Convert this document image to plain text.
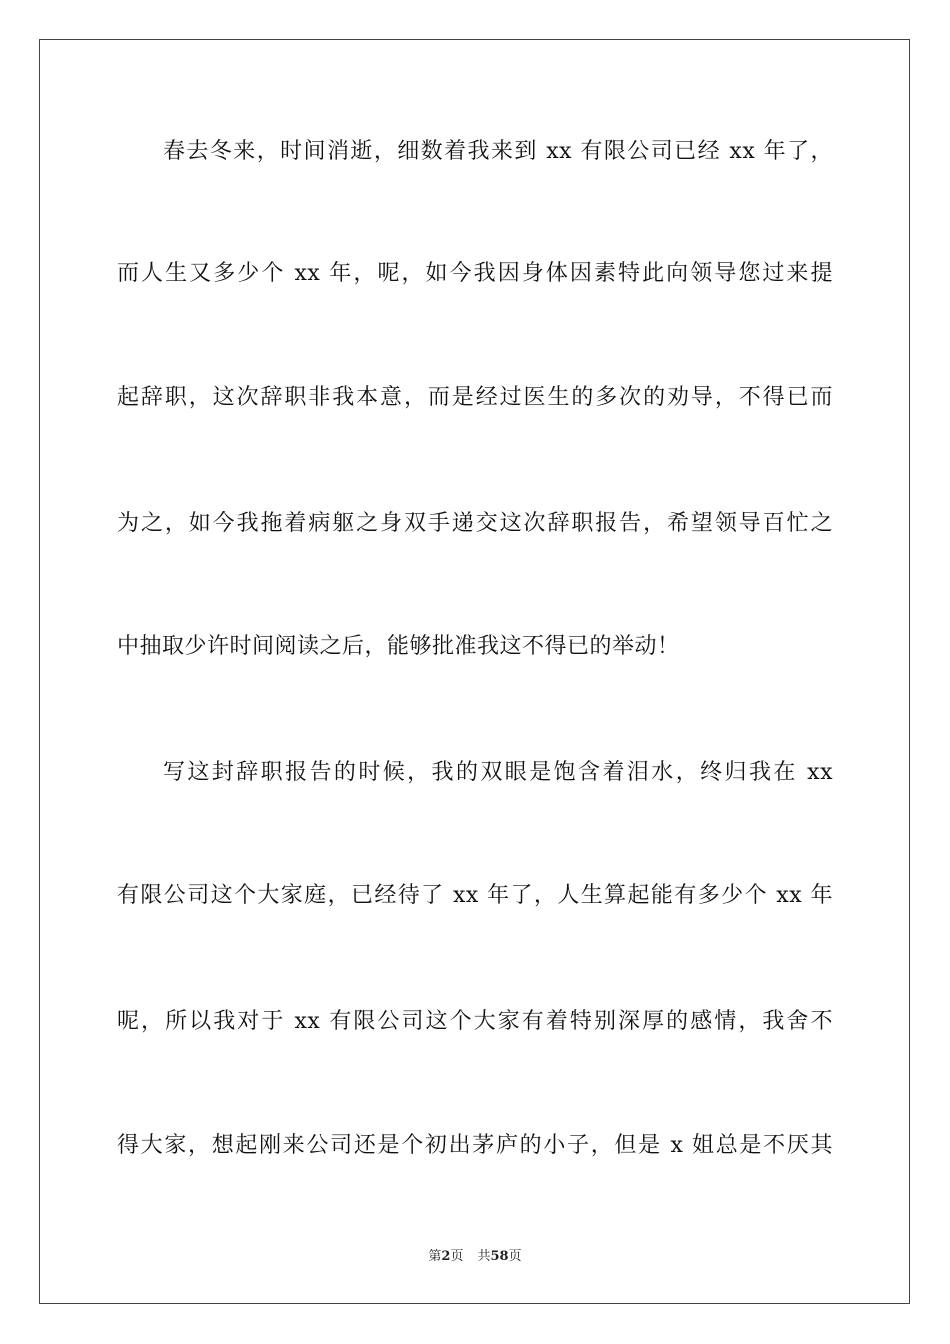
春去冬来，时间消逝，细数着我来到 xx 有限公司已经 xx 年了，
而人生又多少个 xx 年，呢，如今我因身体因素特此向领导您过来提
起辞职，这次辞职非我本意，而是经过医生的多次的劝导，不得已而
为之，如今我拖着病躯之身双手递交这次辞职报告，希望领导百忙之
中抽取少许时间阅读之后，能够批准我这不得已的举动！
写这封辞职报告的时候，我的双眼是饱含着泪水，终归我在 xx
有限公司这个大家庭，已经待了 xx 年了，人生算起能有多少个 xx 年
呢，所以我对于 xx 有限公司这个大家有着特别深厚的感情，我舍不
得大家，想起刚来公司还是个初出茅庐的小子，但是 x 姐总是不厌其
第2页 共58页
